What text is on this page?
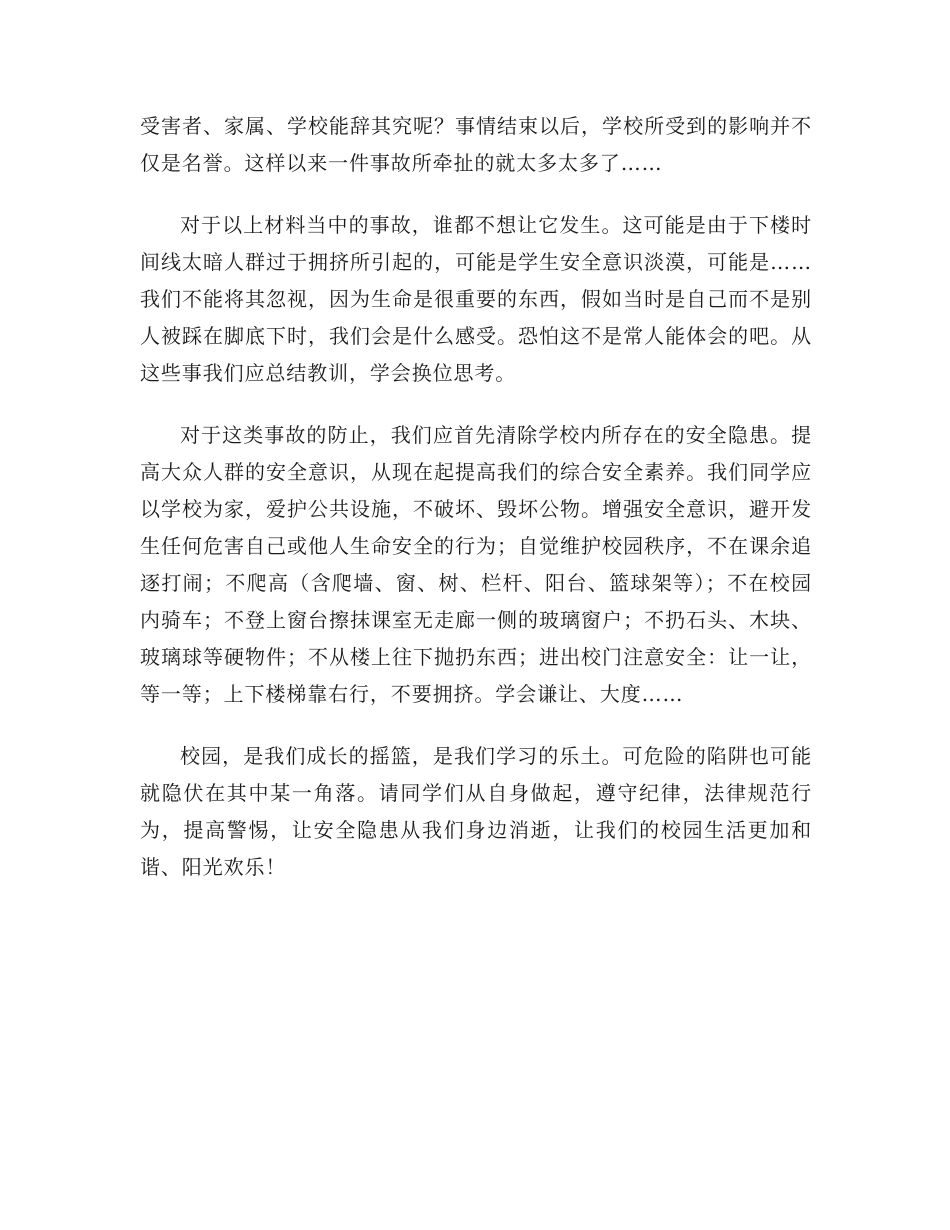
受害者、家属、学校能辞其究呢？事情结束以后，学校所受到的影响并不仅是名誉。这样以来一件事故所牵扯的就太多太多了……

对于以上材料当中的事故，谁都不想让它发生。这可能是由于下楼时间线太暗人群过于拥挤所引起的，可能是学生安全意识淡漠，可能是……我们不能将其忽视，因为生命是很重要的东西，假如当时是自己而不是别人被踩在脚底下时，我们会是什么感受。恐怕这不是常人能体会的吧。从这些事我们应总结教训，学会换位思考。

对于这类事故的防止，我们应首先清除学校内所存在的安全隐患。提高大众人群的安全意识，从现在起提高我们的综合安全素养。我们同学应以学校为家，爱护公共设施，不破坏、毁坏公物。增强安全意识，避开发生任何危害自己或他人生命安全的行为；自觉维护校园秩序，不在课余追逐打闹；不爬高（含爬墙、窗、树、栏杆、阳台、篮球架等）；不在校园内骑车；不登上窗台擦抹课室无走廊一侧的玻璃窗户；不扔石头、木块、玻璃球等硬物件；不从楼上往下抛扔东西；进出校门注意安全：让一让，等一等；上下楼梯靠右行，不要拥挤。学会谦让、大度……

校园，是我们成长的摇篮，是我们学习的乐土。可危险的陷阱也可能就隐伏在其中某一角落。请同学们从自身做起，遵守纪律，法律规范行为，提高警惕，让安全隐患从我们身边消逝，让我们的校园生活更加和谐、阳光欢乐！
